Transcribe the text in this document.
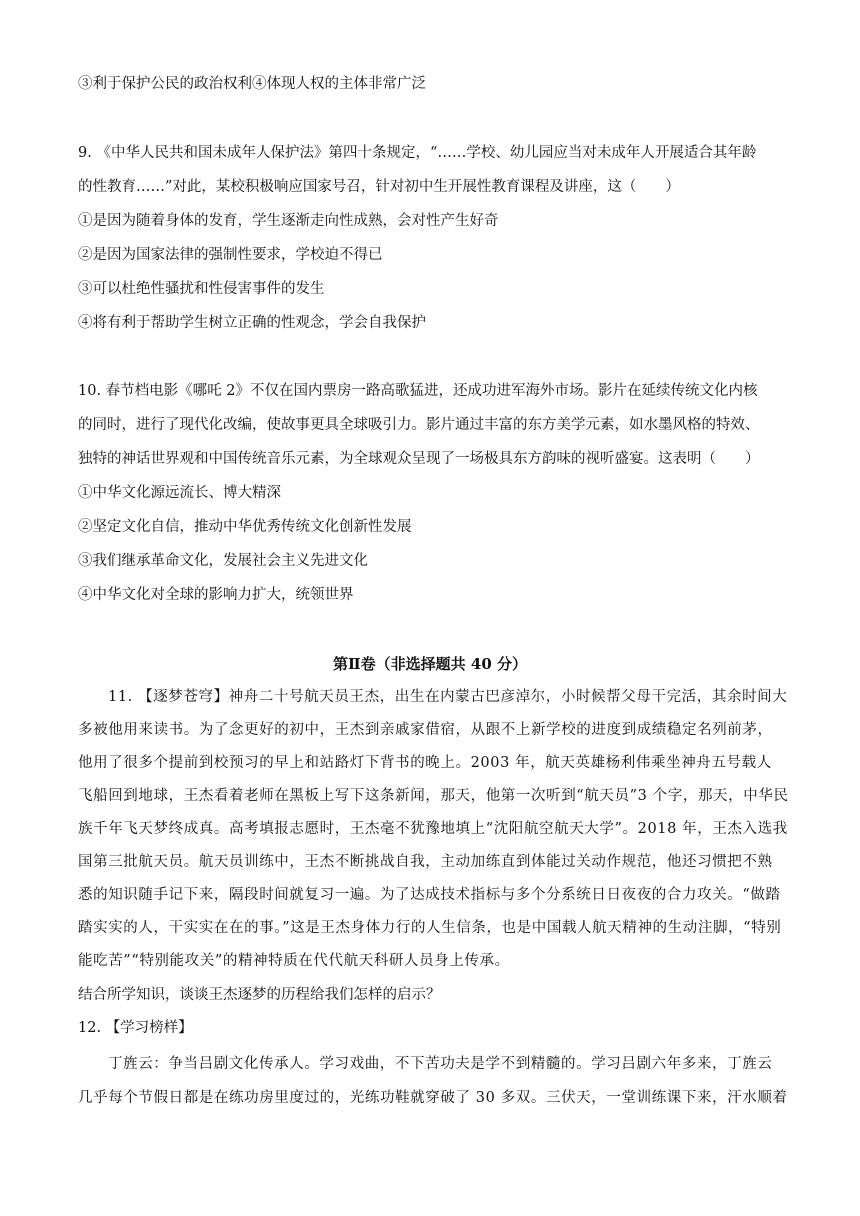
③利于保护公民的政治权利④体现人权的主体非常广泛
9. 《中华人民共和国未成年人保护法》第四十条规定，“……学校、幼儿园应当对未成年人开展适合其年龄
的性教育……”对此，某校积极响应国家号召，针对初中生开展性教育课程及讲座，这（　　）
①是因为随着身体的发育，学生逐渐走向性成熟，会对性产生好奇
②是因为国家法律的强制性要求，学校迫不得已
③可以杜绝性骚扰和性侵害事件的发生
④将有利于帮助学生树立正确的性观念，学会自我保护
10. 春节档电影《哪吒 2》不仅在国内票房一路高歌猛进，还成功进军海外市场。影片在延续传统文化内核
的同时，进行了现代化改编，使故事更具全球吸引力。影片通过丰富的东方美学元素，如水墨风格的特效、
独特的神话世界观和中国传统音乐元素，为全球观众呈现了一场极具东方韵味的视听盛宴。这表明（　　）
①中华文化源远流长、博大精深
②坚定文化自信，推动中华优秀传统文化创新性发展
③我们继承革命文化，发展社会主义先进文化
④中华文化对全球的影响力扩大，统领世界
第Ⅱ卷（非选择题共 40 分）
11. 【逐梦苍穹】神舟二十号航天员王杰，出生在内蒙古巴彦淖尔，小时候帮父母干完活，其余时间大
多被他用来读书。为了念更好的初中，王杰到亲戚家借宿，从跟不上新学校的进度到成绩稳定名列前茅，
他用了很多个提前到校预习的早上和站路灯下背书的晚上。2003 年，航天英雄杨利伟乘坐神舟五号载人
飞船回到地球，王杰看着老师在黑板上写下这条新闻，那天，他第一次听到“航天员”3 个字，那天，中华民
族千年飞天梦终成真。高考填报志愿时，王杰毫不犹豫地填上“沈阳航空航天大学”。2018 年，王杰入选我
国第三批航天员。航天员训练中，王杰不断挑战自我，主动加练直到体能过关动作规范，他还习惯把不熟
悉的知识随手记下来，隔段时间就复习一遍。为了达成技术指标与多个分系统日日夜夜的合力攻关。“做踏
踏实实的人，干实实在在的事。”这是王杰身体力行的人生信条，也是中国载人航天精神的生动注脚，“特别
能吃苦”“特别能攻关”的精神特质在代代航天科研人员身上传承。
结合所学知识，谈谈王杰逐梦的历程给我们怎样的启示？
12. 【学习榜样】
丁旌云：争当吕剧文化传承人。学习戏曲，不下苦功夫是学不到精髓的。学习吕剧六年多来，丁旌云
几乎每个节假日都是在练功房里度过的，光练功鞋就穿破了 30 多双。三伏天，一堂训练课下来，汗水顺着
